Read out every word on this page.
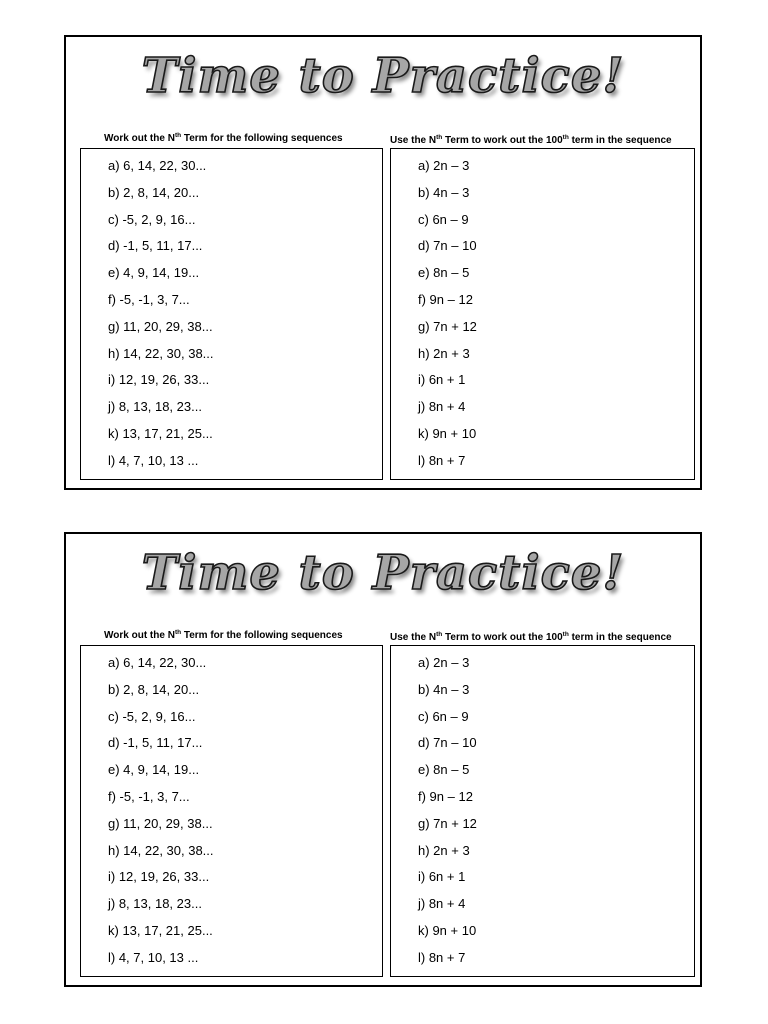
Time to Practice!
Work out the $N^{th}$ Term for the following sequences	Use the $N^{th}$ Term to work out the 100th term in the sequence
a) 6, 14, 22, 30...
b) 2, 8, 14, 20...
c) -5, 2, 9, 16...
d) -1, 5, 11, 17...
e) 4, 9, 14, 19...
f) -5, -1, 3, 7...
g) 11, 20, 29, 38...
h) 14, 22, 30, 38...
i) 12, 19, 26, 33...
j) 8, 13, 18, 23...
k) 13, 17, 21, 25...
l) 4, 7, 10, 13 ...
a) 2n – 3
b) 4n – 3
c) 6n – 9
d) 7n – 10
e) 8n – 5
f) 9n – 12
g) 7n + 12
h) 2n + 3
i) 6n + 1
j) 8n + 4
k) 9n + 10
l) 8n + 7
Time to Practice!
Work out the $N^{th}$ Term for the following sequences	Use the $N^{th}$ Term to work out the 100th term in the sequence
a) 6, 14, 22, 30...
b) 2, 8, 14, 20...
c) -5, 2, 9, 16...
d) -1, 5, 11, 17...
e) 4, 9, 14, 19...
f) -5, -1, 3, 7...
g) 11, 20, 29, 38...
h) 14, 22, 30, 38...
i) 12, 19, 26, 33...
j) 8, 13, 18, 23...
k) 13, 17, 21, 25...
l) 4, 7, 10, 13 ...
a) 2n – 3
b) 4n – 3
c) 6n – 9
d) 7n – 10
e) 8n – 5
f) 9n – 12
g) 7n + 12
h) 2n + 3
i) 6n + 1
j) 8n + 4
k) 9n + 10
l) 8n + 7
